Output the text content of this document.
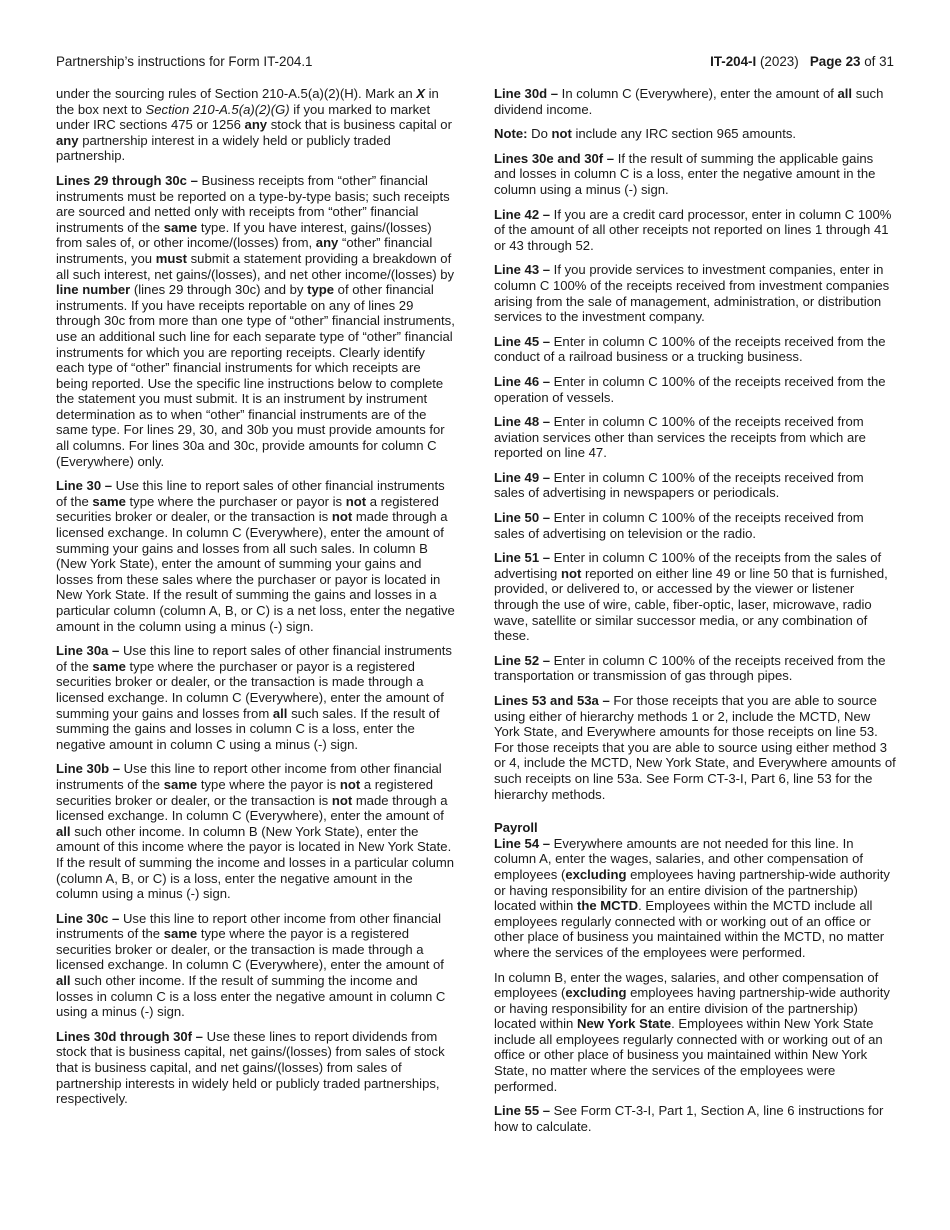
Partnership’s instructions for Form IT-204.1	IT-204-I (2023) Page 23 of 31

under the sourcing rules of Section 210-A.5(a)(2)(H). Mark an X in the box next to Section 210-A.5(a)(2)(G) if you marked to market under IRC sections 475 or 1256 any stock that is business capital or any partnership interest in a widely held or publicly traded partnership.

Lines 29 through 30c – Business receipts from “other” financial instruments must be reported on a type-by-type basis; such receipts are sourced and netted only with receipts from “other” financial instruments of the same type. If you have interest, gains/(losses) from sales of, or other income/(losses) from, any “other” financial instruments, you must submit a statement providing a breakdown of all such interest, net gains/(losses), and net other income/(losses) by line number (lines 29 through 30c) and by type of other financial instruments. If you have receipts reportable on any of lines 29 through 30c from more than one type of “other” financial instruments, use an additional such line for each separate type of “other” financial instruments for which you are reporting receipts. Clearly identify each type of “other” financial instruments for which receipts are being reported. Use the specific line instructions below to complete the statement you must submit. It is an instrument by instrument determination as to when “other” financial instruments are of the same type. For lines 29, 30, and 30b you must provide amounts for all columns. For lines 30a and 30c, provide amounts for column C (Everywhere) only.

Line 30 – Use this line to report sales of other financial instruments of the same type where the purchaser or payor is not a registered securities broker or dealer, or the transaction is not made through a licensed exchange. In column C (Everywhere), enter the amount of summing your gains and losses from all such sales. In column B (New York State), enter the amount of summing your gains and losses from these sales where the purchaser or payor is located in New York State. If the result of summing the gains and losses in a particular column (column A, B, or C) is a net loss, enter the negative amount in the column using a minus (-) sign.

Line 30a – Use this line to report sales of other financial instruments of the same type where the purchaser or payor is a registered securities broker or dealer, or the transaction is made through a licensed exchange. In column C (Everywhere), enter the amount of summing your gains and losses from all such sales. If the result of summing the gains and losses in column C is a loss, enter the negative amount in column C using a minus (-) sign.

Line 30b – Use this line to report other income from other financial instruments of the same type where the payor is not a registered securities broker or dealer, or the transaction is not made through a licensed exchange. In column C (Everywhere), enter the amount of all such other income. In column B (New York State), enter the amount of this income where the payor is located in New York State. If the result of summing the income and losses in a particular column (column A, B, or C) is a loss, enter the negative amount in the column using a minus (-) sign.

Line 30c – Use this line to report other income from other financial instruments of the same type where the payor is a registered securities broker or dealer, or the transaction is made through a licensed exchange. In column C (Everywhere), enter the amount of all such other income. If the result of summing the income and losses in column C is a loss enter the negative amount in column C using a minus (-) sign.

Lines 30d through 30f – Use these lines to report dividends from stock that is business capital, net gains/(losses) from sales of stock that is business capital, and net gains/(losses) from sales of partnership interests in widely held or publicly traded partnerships, respectively.

Line 30d – In column C (Everywhere), enter the amount of all such dividend income.

Note: Do not include any IRC section 965 amounts.

Lines 30e and 30f – If the result of summing the applicable gains and losses in column C is a loss, enter the negative amount in the column using a minus (-) sign.

Line 42 – If you are a credit card processor, enter in column C 100% of the amount of all other receipts not reported on lines 1 through 41 or 43 through 52.

Line 43 – If you provide services to investment companies, enter in column C 100% of the receipts received from investment companies arising from the sale of management, administration, or distribution services to the investment company.

Line 45 – Enter in column C 100% of the receipts received from the conduct of a railroad business or a trucking business.

Line 46 – Enter in column C 100% of the receipts received from the operation of vessels.

Line 48 – Enter in column C 100% of the receipts received from aviation services other than services the receipts from which are reported on line 47.

Line 49 – Enter in column C 100% of the receipts received from sales of advertising in newspapers or periodicals.

Line 50 – Enter in column C 100% of the receipts received from sales of advertising on television or the radio.

Line 51 – Enter in column C 100% of the receipts from the sales of advertising not reported on either line 49 or line 50 that is furnished, provided, or delivered to, or accessed by the viewer or listener through the use of wire, cable, fiber-optic, laser, microwave, radio wave, satellite or similar successor media, or any combination of these.

Line 52 – Enter in column C 100% of the receipts received from the transportation or transmission of gas through pipes.

Lines 53 and 53a – For those receipts that you are able to source using either of hierarchy methods 1 or 2, include the MCTD, New York State, and Everywhere amounts for those receipts on line 53. For those receipts that you are able to source using either method 3 or 4, include the MCTD, New York State, and Everywhere amounts of such receipts on line 53a. See Form CT-3-I, Part 6, line 53 for the hierarchy methods.

Payroll
Line 54 – Everywhere amounts are not needed for this line. In column A, enter the wages, salaries, and other compensation of employees (excluding employees having partnership-wide authority or having responsibility for an entire division of the partnership) located within the MCTD. Employees within the MCTD include all employees regularly connected with or working out of an office or other place of business you maintained within the MCTD, no matter where the services of the employees were performed.

In column B, enter the wages, salaries, and other compensation of employees (excluding employees having partnership-wide authority or having responsibility for an entire division of the partnership) located within New York State. Employees within New York State include all employees regularly connected with or working out of an office or other place of business you maintained within New York State, no matter where the services of the employees were performed.

Line 55 – See Form CT-3-I, Part 1, Section A, line 6 instructions for how to calculate.
